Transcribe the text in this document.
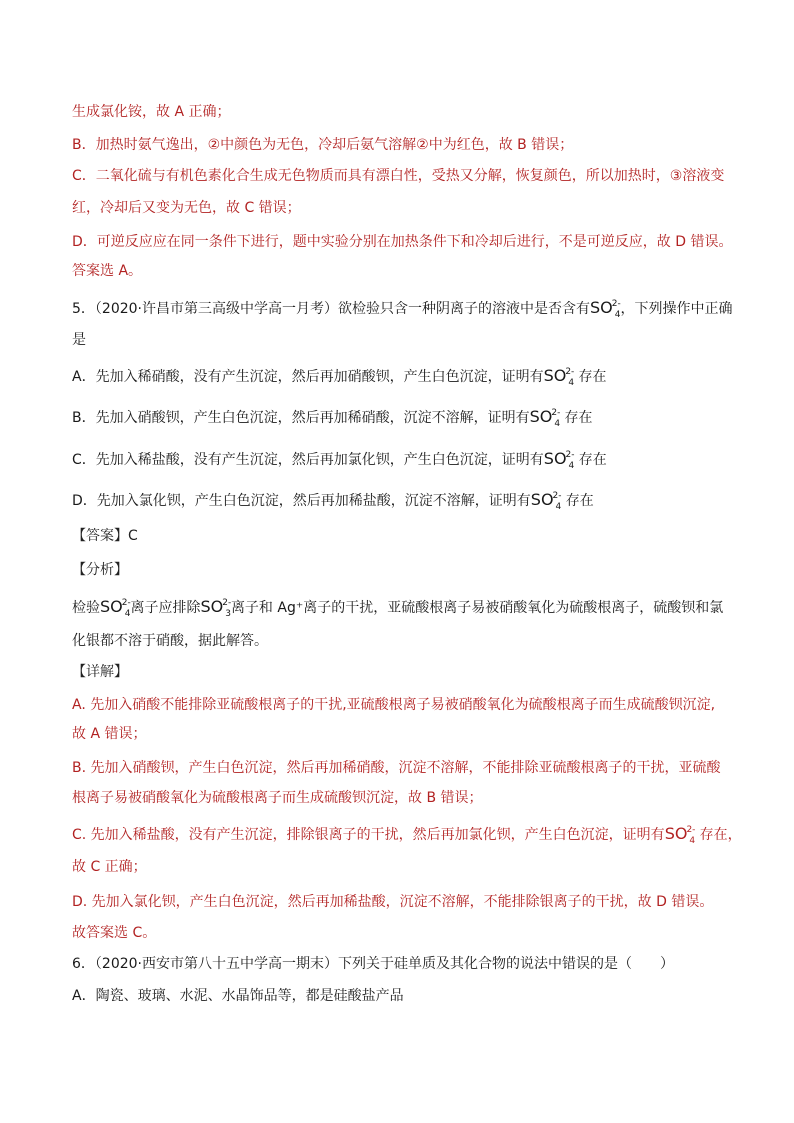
生成氯化铵，故 A 正确；
B．加热时氨气逸出，②中颜色为无色，冷却后氨气溶解②中为红色，故 B 错误；
C．二氧化硫与有机色素化合生成无色物质而具有漂白性，受热又分解，恢复颜色，所以加热时，③溶液变
红，冷却后又变为无色，故 C 错误；
D．可逆反应应在同一条件下进行，题中实验分别在加热条件下和冷却后进行，不是可逆反应，故 D 错误。
答案选 A。
5．（2020·许昌市第三高级中学高一月考）欲检验只含一种阴离子的溶液中是否含有$SO^{2-}_4$，下列操作中正确
是
A．先加入稀硝酸，没有产生沉淀，然后再加硝酸钡，产生白色沉淀，证明有$SO^{2-}_4$ 存在
B．先加入硝酸钡，产生白色沉淀，然后再加稀硝酸，沉淀不溶解，证明有$SO^{2-}_4$ 存在
C．先加入稀盐酸，没有产生沉淀，然后再加氯化钡，产生白色沉淀，证明有$SO^{2-}_4$ 存在
D．先加入氯化钡，产生白色沉淀，然后再加稀盐酸，沉淀不溶解，证明有$SO^{2-}_4$ 存在
【答案】C
【分析】
检验$SO^{2-}_4$离子应排除$SO^{2-}_3$离子和 Ag⁺离子的干扰，亚硫酸根离子易被硝酸氧化为硫酸根离子，硫酸钡和氯
化银都不溶于硝酸，据此解答。
【详解】
A. 先加入硝酸不能排除亚硫酸根离子的干扰,亚硫酸根离子易被硝酸氧化为硫酸根离子而生成硫酸钡沉淀,
故 A 错误；
B. 先加入硝酸钡，产生白色沉淀，然后再加稀硝酸，沉淀不溶解，不能排除亚硫酸根离子的干扰，亚硫酸
根离子易被硝酸氧化为硫酸根离子而生成硫酸钡沉淀，故 B 错误；
C. 先加入稀盐酸，没有产生沉淀，排除银离子的干扰，然后再加氯化钡，产生白色沉淀，证明有$SO^{2-}_4$ 存在，
故 C 正确；
D. 先加入氯化钡，产生白色沉淀，然后再加稀盐酸，沉淀不溶解，不能排除银离子的干扰，故 D 错误。
故答案选 C。
6．（2020·西安市第八十五中学高一期末）下列关于硅单质及其化合物的说法中错误的是（　　）
A．陶瓷、玻璃、水泥、水晶饰品等，都是硅酸盐产品
